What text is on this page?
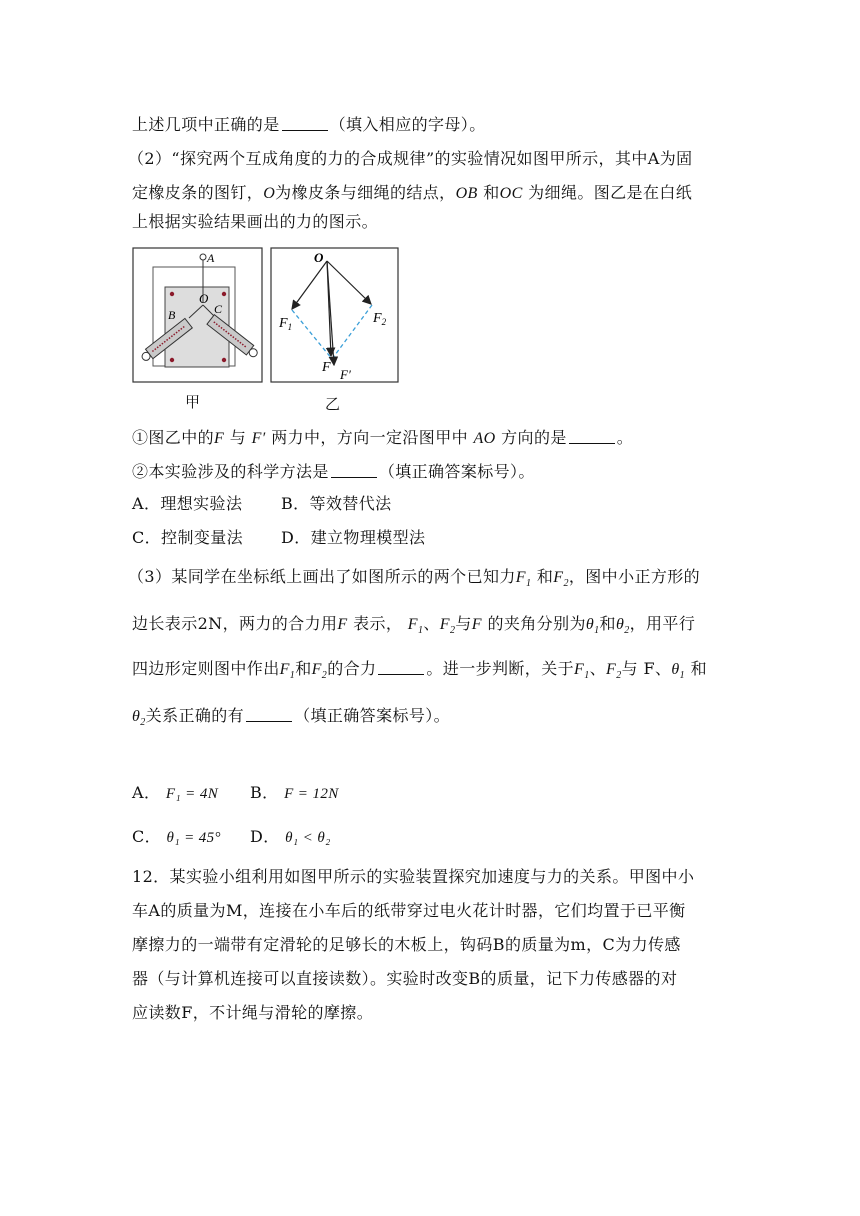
上述几项中正确的是	（填入相应的字母）。
（2）“探究两个互成角度的力的合成规律”的实验情况如图甲所示，其中A为固
定橡皮条的图钉，O为橡皮条与细绳的结点，OB 和OC 为细绳。图乙是在白纸
上根据实验结果画出的力的图示。
A
O
B	C
甲
O
$F_1$
$F_2$
F F′
乙
①图乙中的F 与 F′ 两力中，方向一定沿图甲中 AO 方向的是	。
②本实验涉及的科学方法是	（填正确答案标号）。
A．理想实验法 B．等效替代法
C．控制变量法 D．建立物理模型法
（3）某同学在坐标纸上画出了如图所示的两个已知力$F_1$ 和$F_2$，图中小正方形的
边长表示2N，两力的合力用F 表示， $F_1$、$F_2$与F 的夹角分别为$\theta_1$和$\theta_2$，用平行
四边形定则图中作出$F_1$和$F_2$的合力	。进一步判断，关于$F_1$、$F_2$与 F、$\theta_1$ 和
$\theta_2$关系正确的有	（填正确答案标号）。
A． F₁ = 4N B． F = 12N
C． θ₁ = 45° D． θ₁ < θ₂
12．某实验小组利用如图甲所示的实验装置探究加速度与力的关系。甲图中小
车A的质量为M，连接在小车后的纸带穿过电火花计时器，它们均置于已平衡
摩擦力的一端带有定滑轮的足够长的木板上，钩码B的质量为m，C为力传感
器（与计算机连接可以直接读数）。实验时改变B的质量，记下力传感器的对
应读数F，不计绳与滑轮的摩擦。
